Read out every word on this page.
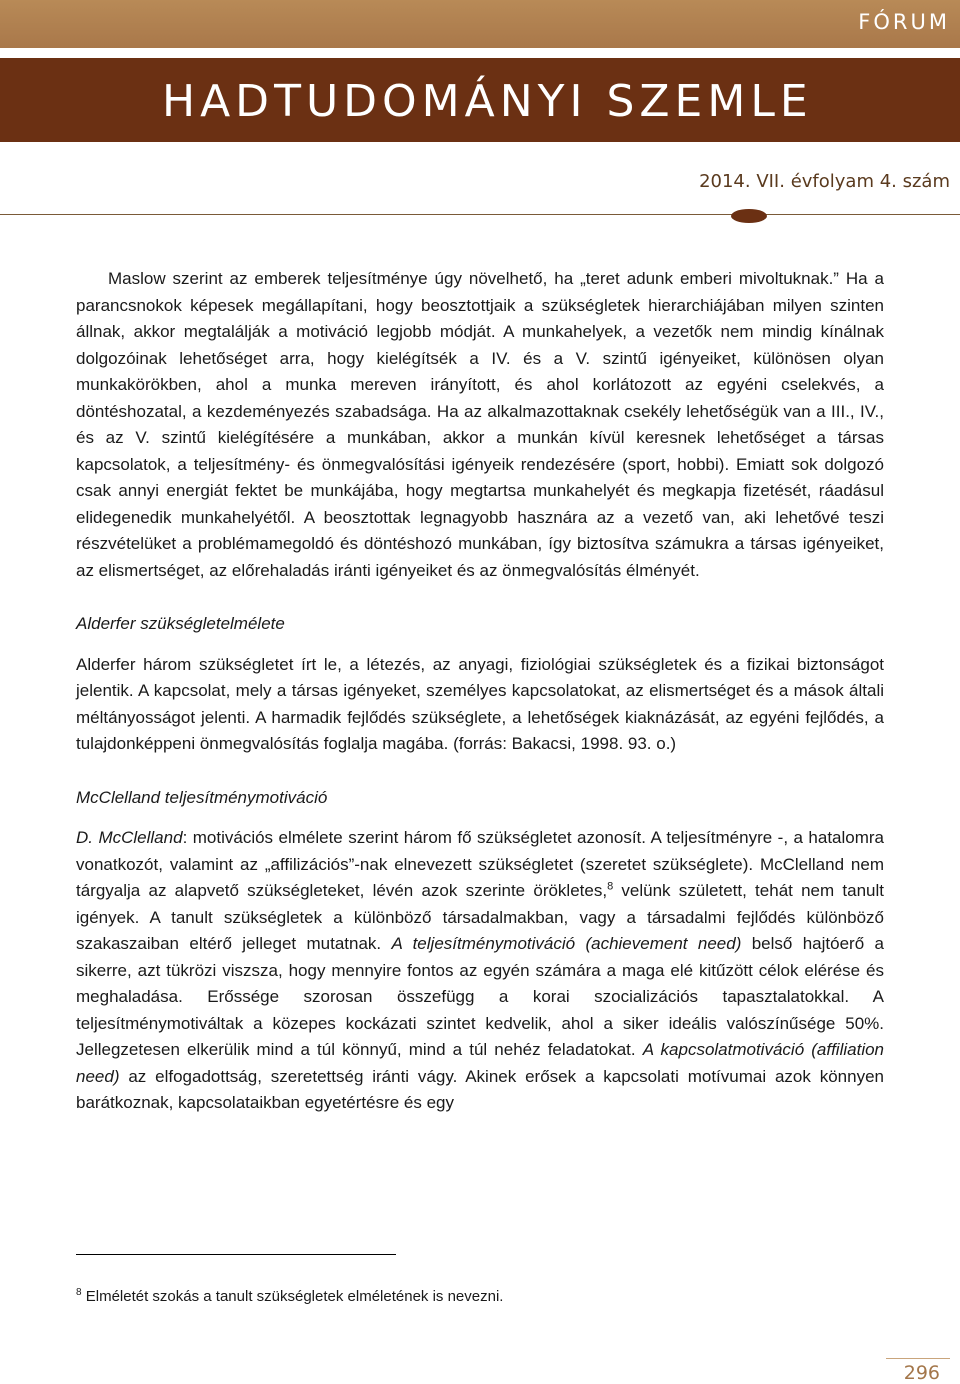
FÓRUM
HADTUDOMÁNYI SZEMLE
2014. VII. évfolyam 4. szám

Maslow szerint az emberek teljesítménye úgy növelhető, ha „teret adunk emberi mivoltuknak.” Ha a parancsnokok képesek megállapítani, hogy beosztottjaik a szükségletek hierarchiájában milyen szinten állnak, akkor megtalálják a motiváció legjobb módját. A munkahelyek, a vezetők nem mindig kínálnak dolgozóinak lehetőséget arra, hogy kielégítsék a IV. és a V. szintű igényeiket, különösen olyan munkakörökben, ahol a munka mereven irányított, és ahol korlátozott az egyéni cselekvés, a döntéshozatal, a kezdeményezés szabadsága. Ha az alkalmazottaknak csekély lehetőségük van a III., IV., és az V. szintű kielégítésére a munkában, akkor a munkán kívül keresnek lehetőséget a társas kapcsolatok, a teljesítmény- és önmegvalósítási igényeik rendezésére (sport, hobbi). Emiatt sok dolgozó csak annyi energiát fektet be munkájába, hogy megtartsa munkahelyét és megkapja fizetését, ráadásul elidegenedik munkahelyétől. A beosztottak legnagyobb hasznára az a vezető van, aki lehetővé teszi részvételüket a problémamegoldó és döntéshozó munkában, így biztosítva számukra a társas igényeiket, az elismertséget, az előrehaladás iránti igényeiket és az önmegvalósítás élményét.

Alderfer szükségletelmélete

Alderfer három szükségletet írt le, a létezés, az anyagi, fiziológiai szükségletek és a fizikai biztonságot jelentik. A kapcsolat, mely a társas igényeket, személyes kapcsolatokat, az elismertséget és a mások általi méltányosságot jelenti. A harmadik fejlődés szükséglete, a lehetőségek kiaknázását, az egyéni fejlődés, a tulajdonképpeni önmegvalósítás foglalja magába. (forrás: Bakacsi, 1998. 93. o.)

McClelland teljesítménymotiváció

D. McClelland: motivációs elmélete szerint három fő szükségletet azonosít. A teljesítményre -, a hatalomra vonatkozót, valamint az „affilizációs”-nak elnevezett szükségletet (szeretet szükséglete). McClelland nem tárgyalja az alapvető szükségleteket, lévén azok szerinte örökletes,$^8$ velünk született, tehát nem tanult igények. A tanult szükségletek a különböző társadalmakban, vagy a társadalmi fejlődés különböző szakaszaiban eltérő jelleget mutatnak. A teljesítménymotiváció (achievement need) belső hajtóerő a sikerre, azt tükrözi viszsza, hogy mennyire fontos az egyén számára a maga elé kitűzött célok elérése és meghaladása. Erőssége szorosan összefügg a korai szocializációs tapasztalatokkal. A teljesítménymotiváltak a közepes kockázati szintet kedvelik, ahol a siker ideális valószínűsége 50%. Jellegzetesen elkerülik mind a túl könnyű, mind a túl nehéz feladatokat. A kapcsolatmotiváció (affiliation need) az elfogadottság, szeretettség iránti vágy. Akinek erősek a kapcsolati motívumai azok könnyen barátkoznak, kapcsolataikban egyetértésre és egy

$^8$ Elméletét szokás a tanult szükségletek elméletének is nevezni.
296
